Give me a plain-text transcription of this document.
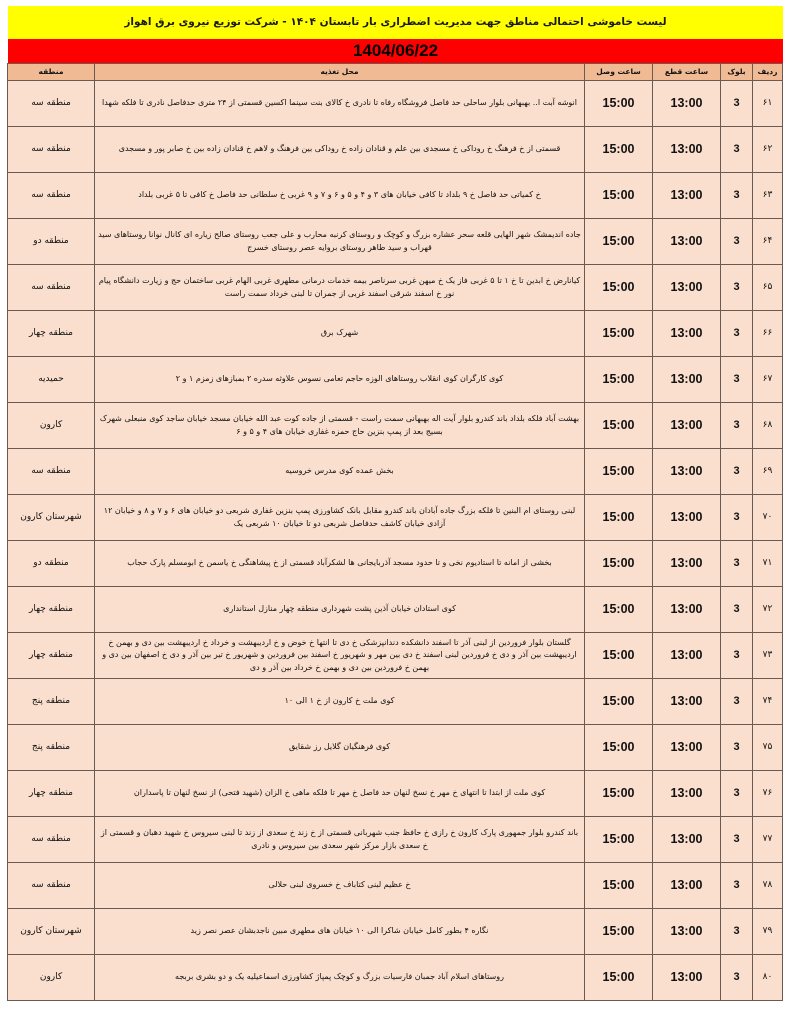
لیست خاموشی احتمالی مناطق جهت مدیریت اضطراری بار تابستان ۱۴۰۴ - شرکت توزیع نیروی برق اهواز
1404/06/22
ردیف	بلوک	ساعت قطع	ساعت وصل	محل تغذیه	منطقه
۶۱	3	13:00	15:00	انوشه آبت ا.. بهبهانی بلوار ساحلی حد فاصل فروشگاه رفاه تا نادری خ کالای بنت سینما اکسین قسمتی از ۲۴ متری حدفاصل نادری تا فلکه شهدا	منطقه سه
۶۲	3	13:00	15:00	قسمتی از خ فرهنگ خ روداکی خ مسجدی بین علم و قنادان زاده خ روداکی بین فرهنگ و لاهم خ قنادان زاده بین خ صابر پور و مسجدی	منطقه سه
۶۳	3	13:00	15:00	خ کمیاتی حد فاصل خ ۹ بلداد تا کافی خیابان های ۳ و ۴ و ۵ و ۶ و ۷ و ۹ غربی خ سلطانی حد فاصل خ کافی تا ۵ غربی بلداد	منطقه سه
۶۴	3	13:00	15:00	جاده اندیمشک شهر الهایی قلعه سحر عشاره بزرگ و کوچک و روستای کرنبه محارب و علی جعب روستای صالح زیاره ای کانال نوانا روستاهای سید قهراب و سید طاهر روستای بروایه عصر روستای خسرج	منطقه دو
۶۵	3	13:00	15:00	کیانارض خ ابدین تا خ ۱ تا ۵ غربی فاز یک خ میهن غربی سرناصر بیمه خدمات درمانی مطهری غربی الهام غربی ساختمان حج و زیارت دانشگاه پیام نور خ اسفند شرقی اسفند غربی از جمران تا لبنی خرداد سمت راست	منطقه سه
۶۶	3	13:00	15:00	شهرک برق	منطقه چهار
۶۷	3	13:00	15:00	کوی کارگران کوی انقلاب روستاهای الوزه حاجم تعامی نسوس علاوثه سدره ۲ بمبازهای زمزم ۱ و ۲	حمیدیه
۶۸	3	13:00	15:00	بهشت آباد فلکه بلداد باند کندرو بلوار آیت اله بهبهانی سمت راست - قسمتی از جاده کوت عبد الله خیابان مسجد خیابان ساجد کوی منبعلی شهرک بسیج بعد از پمپ بنزین حاج حمزه غفاری خیابان های ۴ و ۵ و ۶	کارون
۶۹	3	13:00	15:00	بخش عمده کوی مدرس خروسیه	منطقه سه
۷۰	3	13:00	15:00	لبنی روستای ام البنین تا فلکه بزرگ جاده آبادان باند کندرو مقابل بانک کشاورزی پمپ بنزین غفاری شربعی دو خیابان های ۶ و ۷ و ۸ و خیابان ۱۲ آزادی خیابان کاشف حدفاصل شربعی دو تا خیابان ۱۰ شربعی یک	شهرستان کارون
۷۱	3	13:00	15:00	بخشی از امانه تا استادیوم نخی و تا حدود مسجد آذربایجانی ها لشکرآباد قسمتی از خ پیشاهنگی خ یاسمن خ ابومسلم پارک حجاب	منطقه دو
۷۲	3	13:00	15:00	کوی استادان خیابان آذین پشت شهرداری منطقه چهار منازل استانداری	منطقه چهار
۷۳	3	13:00	15:00	گلستان بلوار فروردین از لبنی آذر تا اسفند دانشکده دندانپزشکی خ دی تا انتها خ خوض و خ اردیبهشت و خرداد خ اردیبهشت بین دی و بهمن خ اردیبهشت بین آذر و دی خ فروردین لبنی اسفند خ دی بین مهر و شهریور خ اسفند بین فروردین و شهریور خ تیر بین آذر و دی خ اصفهان بین دی و بهمن خ فروردین بین دی و بهمن خ خرداد بین آذر و دی	منطقه چهار
۷۴	3	13:00	15:00	کوی ملت خ کارون از خ ۱ الی ۱۰	منطقه پنج
۷۵	3	13:00	15:00	کوی فرهنگیان گلایل رز شقایق	منطقه پنج
۷۶	3	13:00	15:00	کوی ملت از ابتدا تا انتهای خ مهر خ نسخ لنهان حد فاصل خ مهر تا فلکه ماهی خ الزان (شهید فتحی) از نسخ لنهان تا پاسداران	منطقه چهار
۷۷	3	13:00	15:00	باند کندرو بلوار جمهوری پارک کارون خ رازی خ حافظ جنب شهربانی قسمتی از خ زند خ سعدی از زند تا لبنی سیروس خ شهید دهبان و قسمتی از خ سعدی بازار مرکز شهر سعدی بین سیروس و نادری	منطقه سه
۷۸	3	13:00	15:00	خ عظیم لبنی کتاباف خ خسروی لبنی حلالی	منطقه سه
۷۹	3	13:00	15:00	نگاره ۴ بطور کامل خیابان شاکرا الی ۱۰ خیابان های مطهری مبین ناجدبشان عصر نصر زید	شهرستان کارون
۸۰	3	13:00	15:00	روستاهای اسلام آباد جمبان فارسیات بزرگ و کوچک پمپاژ کشاورزی اسماعیلیه یک و دو بشری بربجه	کارون
